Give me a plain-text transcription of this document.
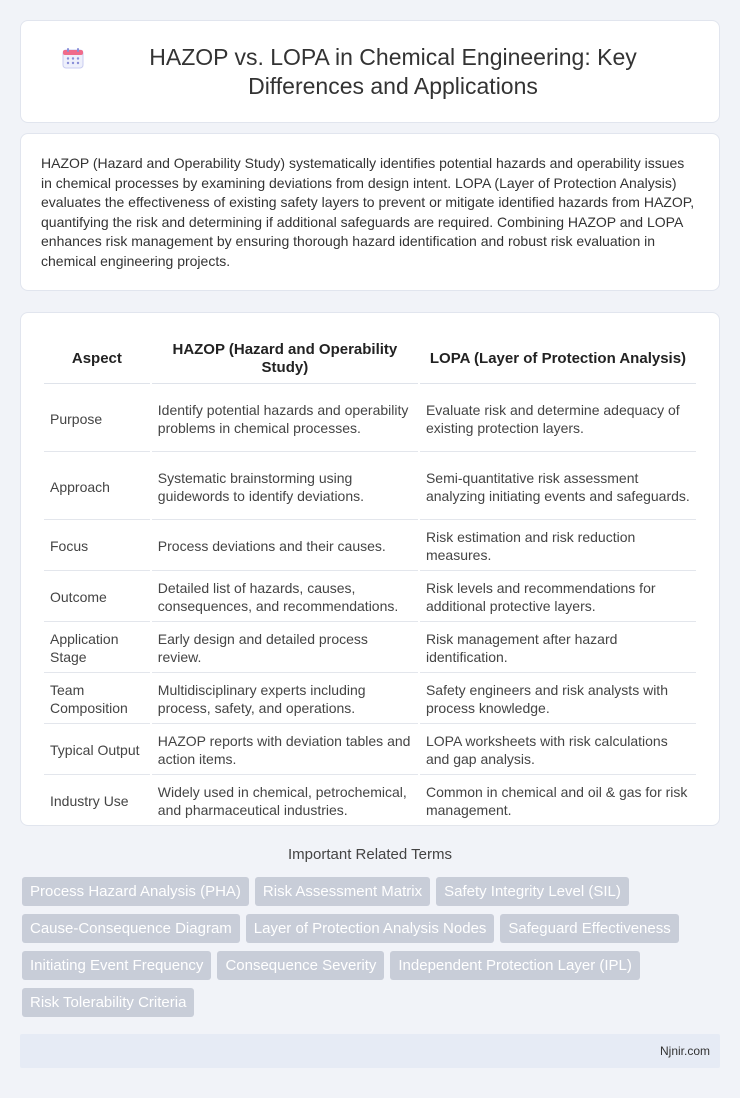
HAZOP vs. LOPA in Chemical Engineering: Key Differences and Applications

HAZOP (Hazard and Operability Study) systematically identifies potential hazards and operability issues in chemical processes by examining deviations from design intent. LOPA (Layer of Protection Analysis) evaluates the effectiveness of existing safety layers to prevent or mitigate identified hazards from HAZOP, quantifying the risk and determining if additional safeguards are required. Combining HAZOP and LOPA enhances risk management by ensuring thorough hazard identification and robust risk evaluation in chemical engineering projects.

Aspect	HAZOP (Hazard and Operability Study)	LOPA (Layer of Protection Analysis)
Purpose	Identify potential hazards and operability problems in chemical processes.	Evaluate risk and determine adequacy of existing protection layers.
Approach	Systematic brainstorming using guidewords to identify deviations.	Semi-quantitative risk assessment analyzing initiating events and safeguards.
Focus	Process deviations and their causes.	Risk estimation and risk reduction measures.
Outcome	Detailed list of hazards, causes, consequences, and recommendations.	Risk levels and recommendations for additional protective layers.
Application Stage	Early design and detailed process review.	Risk management after hazard identification.
Team Composition	Multidisciplinary experts including process, safety, and operations.	Safety engineers and risk analysts with process knowledge.
Typical Output	HAZOP reports with deviation tables and action items.	LOPA worksheets with risk calculations and gap analysis.
Industry Use	Widely used in chemical, petrochemical, and pharmaceutical industries.	Common in chemical and oil & gas for risk management.
Important Related Terms
Process Hazard Analysis (PHA)	Risk Assessment Matrix	Safety Integrity Level (SIL)
Cause-Consequence Diagram	Layer of Protection Analysis Nodes	Safeguard Effectiveness
Initiating Event Frequency	Consequence Severity	Independent Protection Layer (IPL)
Risk Tolerability Criteria
Njnir.com
